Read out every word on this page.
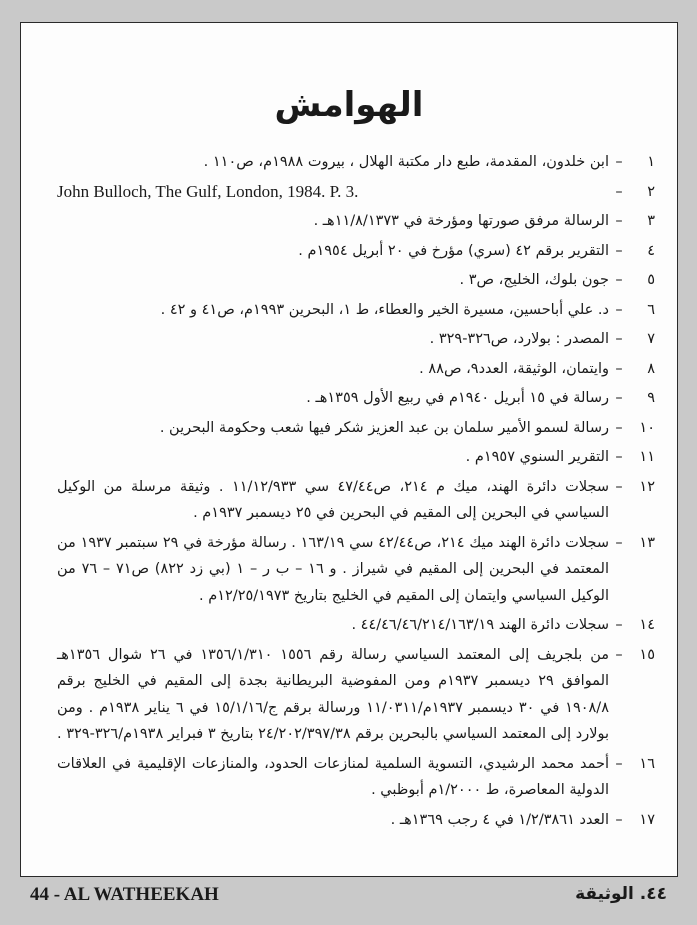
الهوامش
١
–
ابن خلدون، المقدمة، طبع دار مكتبة الهلال ، بيروت ١٩٨٨م، ص١١٠ .
٢
–
John Bulloch, The Gulf, London, 1984. P. 3.
٣
–
الرسالة مرفق صورتها ومؤرخة في ١١/٨/١٣٧٣هـ .
٤
–
التقرير برقم ٤٢ (سري) مؤرخ في ٢٠ أبريل ١٩٥٤م .
٥
–
جون بلوك، الخليج، ص٣ .
٦
–
د. علي أباحسين، مسيرة الخير والعطاء، ط ١، البحرين ١٩٩٣م، ص٤١ و ٤٢ .
٧
–
المصدر : بولارد، ص٣٢٦-٣٢٩ .
٨
–
وايتمان، الوثيقة، العدد٩، ص٨٨ .
٩
–
رسالة في ١٥ أبريل ١٩٤٠م في ربيع الأول ١٣٥٩هـ .
١٠
–
رسالة لسمو الأمير سلمان بن عبد العزيز شكر فيها شعب وحكومة البحرين .
١١
–
التقرير السنوي ١٩٥٧م .
١٢
–
سجلات دائرة الهند، ميك م ٢١٤، ص٤٧/٤٤ سي ١١/١٢/٩٣٣ . وثيقة مرسلة من الوكيل السياسي في البحرين إلى المقيم في البحرين في ٢٥ ديسمبر ١٩٣٧م .
١٣
–
سجلات دائرة الهند ميك ٢١٤، ص٤٢/٤٤ سي ١٦٣/١٩ . رسالة مؤرخة في ٢٩ سبتمبر ١٩٣٧ من المعتمد في البحرين إلى المقيم في شيراز . و ١٦ – ب ر – ١ (بي زد ٨٢٢) ص٧١ – ٧٦ من الوكيل السياسي وايتمان إلى المقيم في الخليج بتاريخ ١٢/٢٥/١٩٧٣م .
١٤
–
سجلات دائرة الهند ٤٤/٤٦/٤٦/٢١٤/١٦٣/١٩ .
١٥
–
من بلجريف إلى المعتمد السياسي رسالة رقم ١٥٥٦ ١٣٥٦/١/٣١٠ في ٢٦ شوال ١٣٥٦هـ الموافق ٢٩ ديسمبر ١٩٣٧م ومن المفوضية البريطانية بجدة إلى المقيم في الخليج برقم ١٩٠٨/٨ في ٣٠ ديسمبر ١٩٣٧م/١١/٠٣١١ ورسالة برقم ج/١٥/١/١٦ في ٦ يناير ١٩٣٨م . ومن بولارد إلى المعتمد السياسي بالبحرين برقم ٢٤/٢٠٢/٣٩٧/٣٨ بتاريخ ٣ فبراير ١٩٣٨م/٣٢٦-٣٢٩ .
١٦
–
أحمد محمد الرشيدي، التسوية السلمية لمنازعات الحدود، والمنازعات الإقليمية في العلاقات الدولية المعاصرة، ط ١/٢٠٠٠م أبوظبي .
١٧
–
العدد ١/٢/٣٨٦١ في ٤ رجب ١٣٦٩هـ .
44 - AL WATHEEKAH	٤٤. الوثيقة
